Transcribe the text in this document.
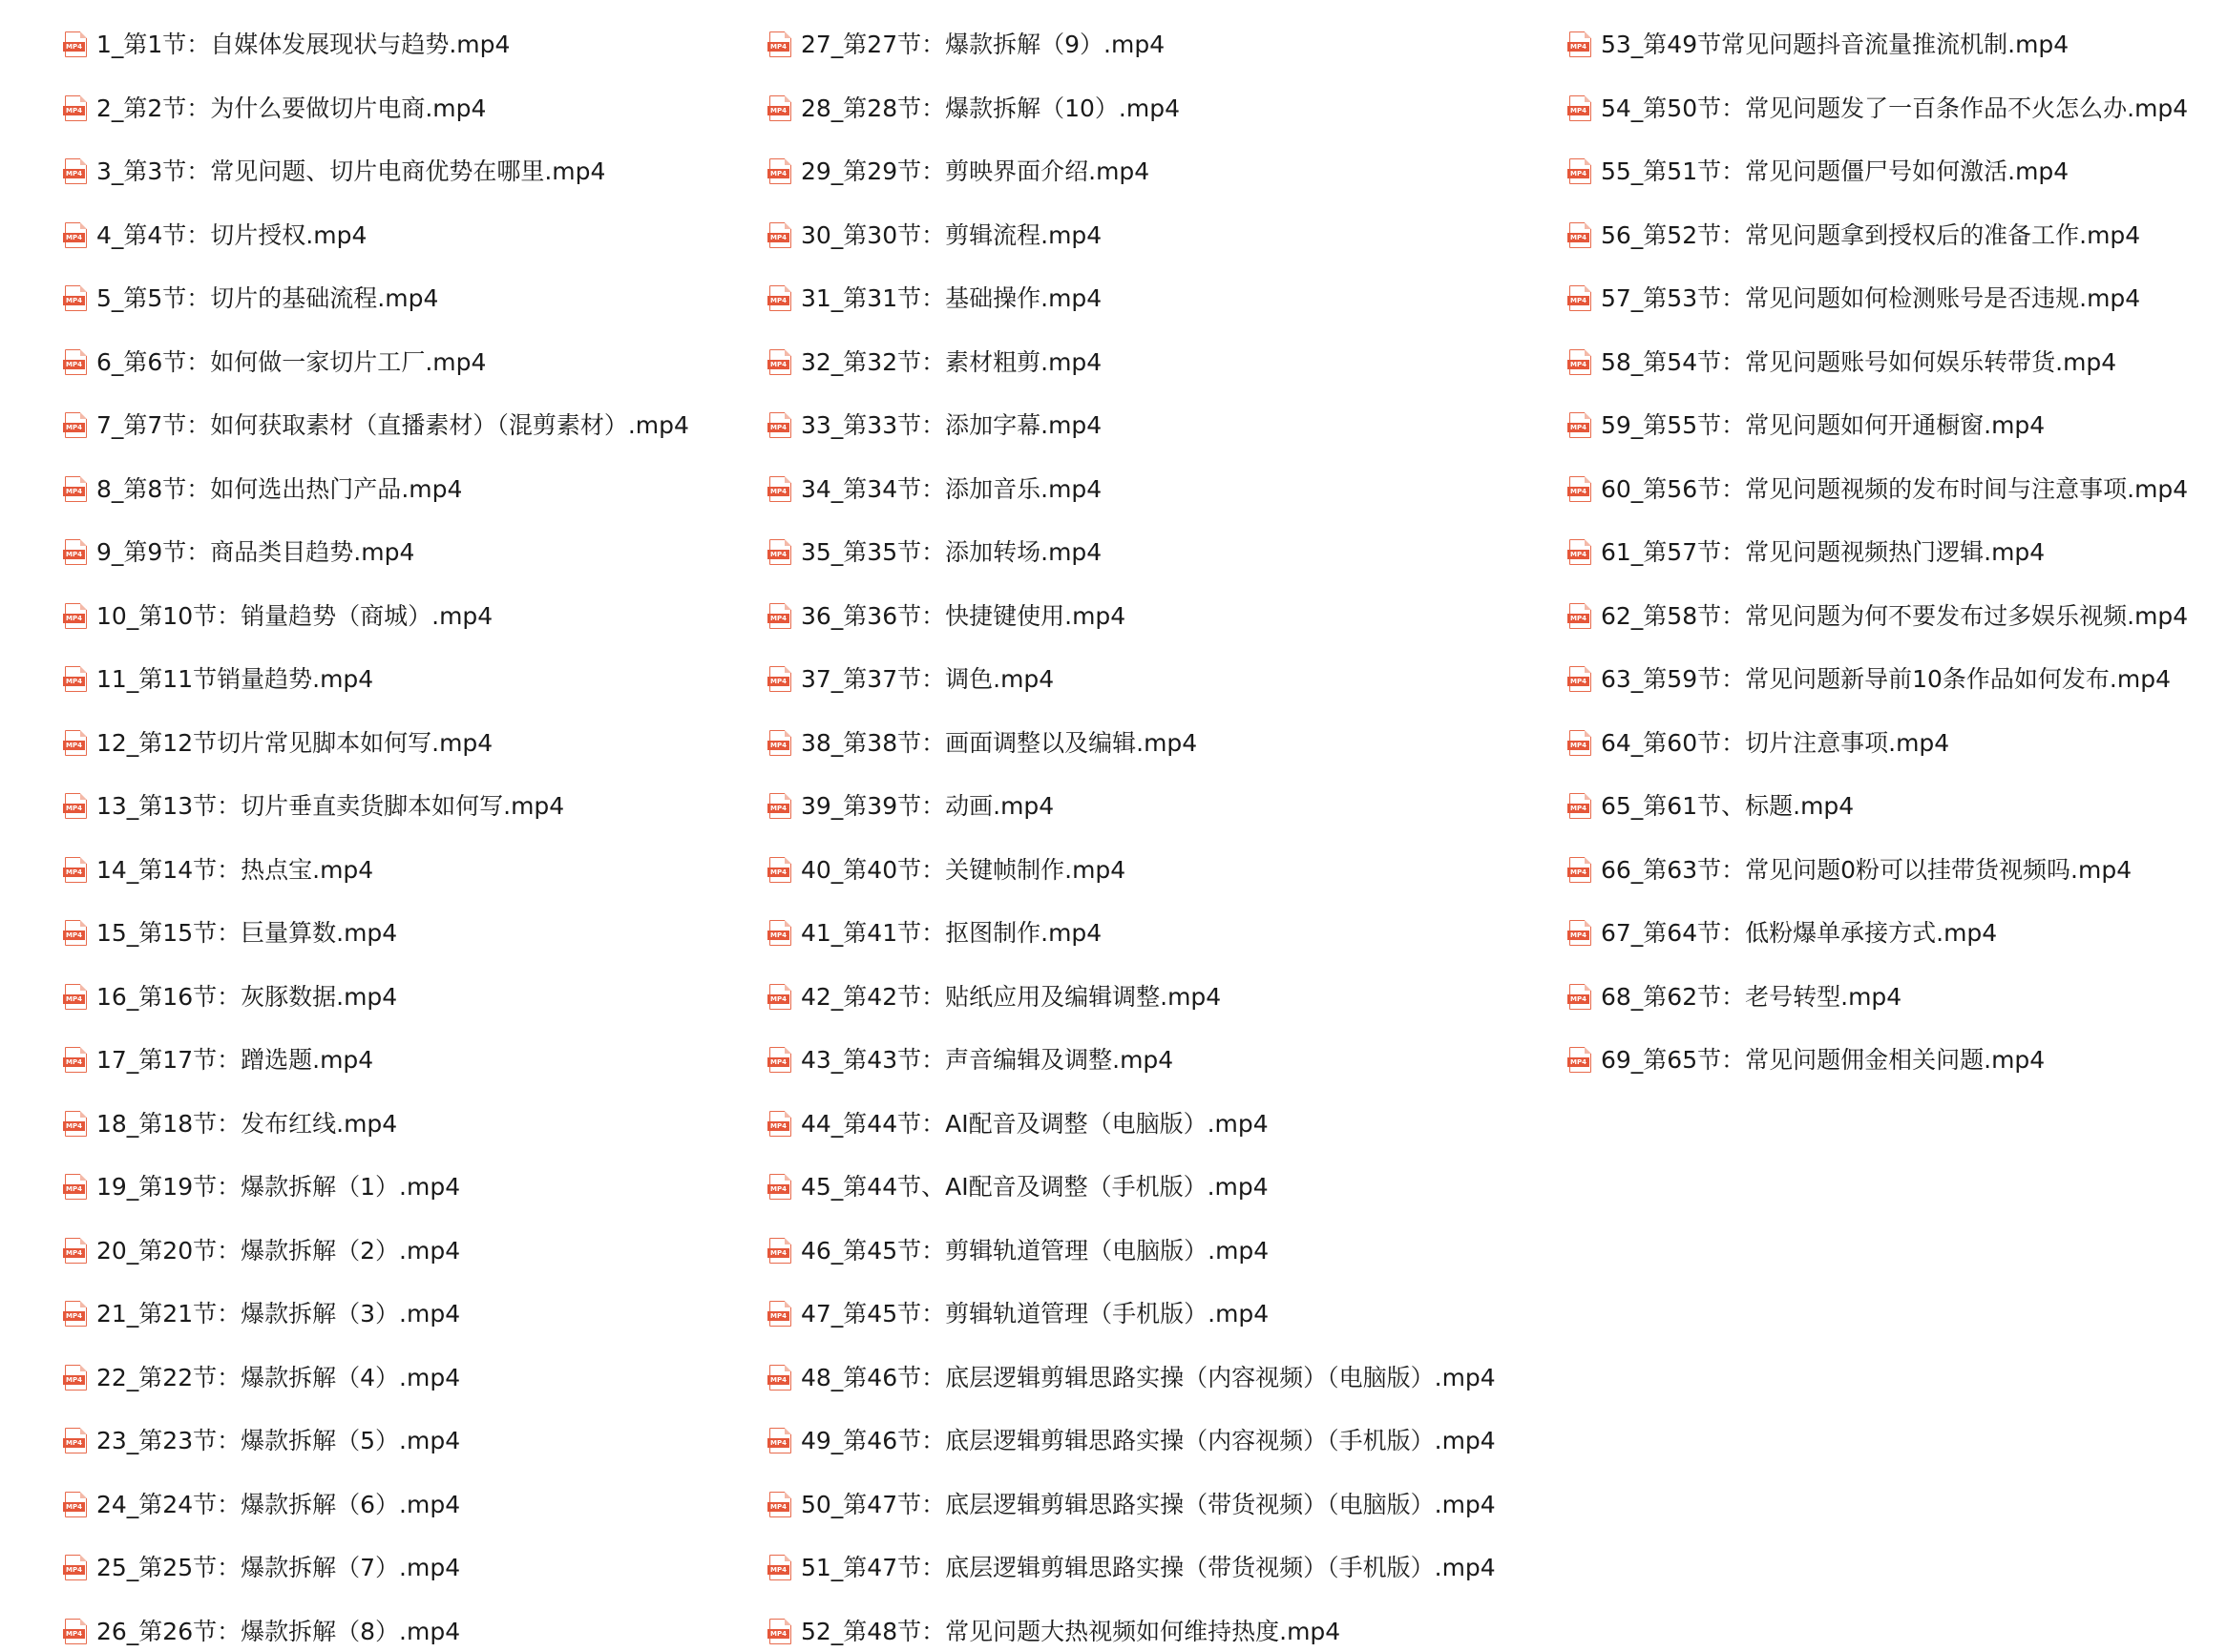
MP4 1_第1节：自媒体发展现状与趋势.mp4
MP4 2_第2节：为什么要做切片电商.mp4
MP4 3_第3节：常见问题、切片电商优势在哪里.mp4
MP4 4_第4节：切片授权.mp4
MP4 5_第5节：切片的基础流程.mp4
MP4 6_第6节：如何做一家切片工厂.mp4
MP4 7_第7节：如何获取素材（直播素材）（混剪素材）.mp4
MP4 8_第8节：如何选出热门产品.mp4
MP4 9_第9节：商品类目趋势.mp4
MP4 10_第10节：销量趋势（商城）.mp4
MP4 11_第11节销量趋势.mp4
MP4 12_第12节切片常见脚本如何写.mp4
MP4 13_第13节：切片垂直卖货脚本如何写.mp4
MP4 14_第14节：热点宝.mp4
MP4 15_第15节：巨量算数.mp4
MP4 16_第16节：灰豚数据.mp4
MP4 17_第17节：蹭选题.mp4
MP4 18_第18节：发布红线.mp4
MP4 19_第19节：爆款拆解（1）.mp4
MP4 20_第20节：爆款拆解（2）.mp4
MP4 21_第21节：爆款拆解（3）.mp4
MP4 22_第22节：爆款拆解（4）.mp4
MP4 23_第23节：爆款拆解（5）.mp4
MP4 24_第24节：爆款拆解（6）.mp4
MP4 25_第25节：爆款拆解（7）.mp4
MP4 26_第26节：爆款拆解（8）.mp4
MP4 27_第27节：爆款拆解（9）.mp4
MP4 28_第28节：爆款拆解（10）.mp4
MP4 29_第29节：剪映界面介绍.mp4
MP4 30_第30节：剪辑流程.mp4
MP4 31_第31节：基础操作.mp4
MP4 32_第32节：素材粗剪.mp4
MP4 33_第33节：添加字幕.mp4
MP4 34_第34节：添加音乐.mp4
MP4 35_第35节：添加转场.mp4
MP4 36_第36节：快捷键使用.mp4
MP4 37_第37节：调色.mp4
MP4 38_第38节：画面调整以及编辑.mp4
MP4 39_第39节：动画.mp4
MP4 40_第40节：关键帧制作.mp4
MP4 41_第41节：抠图制作.mp4
MP4 42_第42节：贴纸应用及编辑调整.mp4
MP4 43_第43节：声音编辑及调整.mp4
MP4 44_第44节：AI配音及调整（电脑版）.mp4
MP4 45_第44节、AI配音及调整（手机版）.mp4
MP4 46_第45节：剪辑轨道管理（电脑版）.mp4
MP4 47_第45节：剪辑轨道管理（手机版）.mp4
MP4 48_第46节：底层逻辑剪辑思路实操（内容视频）（电脑版）.mp4
MP4 49_第46节：底层逻辑剪辑思路实操（内容视频）（手机版）.mp4
MP4 50_第47节：底层逻辑剪辑思路实操（带货视频）（电脑版）.mp4
MP4 51_第47节：底层逻辑剪辑思路实操（带货视频）（手机版）.mp4
MP4 52_第48节：常见问题大热视频如何维持热度.mp4
MP4 53_第49节常见问题抖音流量推流机制.mp4
MP4 54_第50节：常见问题发了一百条作品不火怎么办.mp4
MP4 55_第51节：常见问题僵尸号如何激活.mp4
MP4 56_第52节：常见问题拿到授权后的准备工作.mp4
MP4 57_第53节：常见问题如何检测账号是否违规.mp4
MP4 58_第54节：常见问题账号如何娱乐转带货.mp4
MP4 59_第55节：常见问题如何开通橱窗.mp4
MP4 60_第56节：常见问题视频的发布时间与注意事项.mp4
MP4 61_第57节：常见问题视频热门逻辑.mp4
MP4 62_第58节：常见问题为何不要发布过多娱乐视频.mp4
MP4 63_第59节：常见问题新导前10条作品如何发布.mp4
MP4 64_第60节：切片注意事项.mp4
MP4 65_第61节、标题.mp4
MP4 66_第63节：常见问题0粉可以挂带货视频吗.mp4
MP4 67_第64节：低粉爆单承接方式.mp4
MP4 68_第62节：老号转型.mp4
MP4 69_第65节：常见问题佣金相关问题.mp4
